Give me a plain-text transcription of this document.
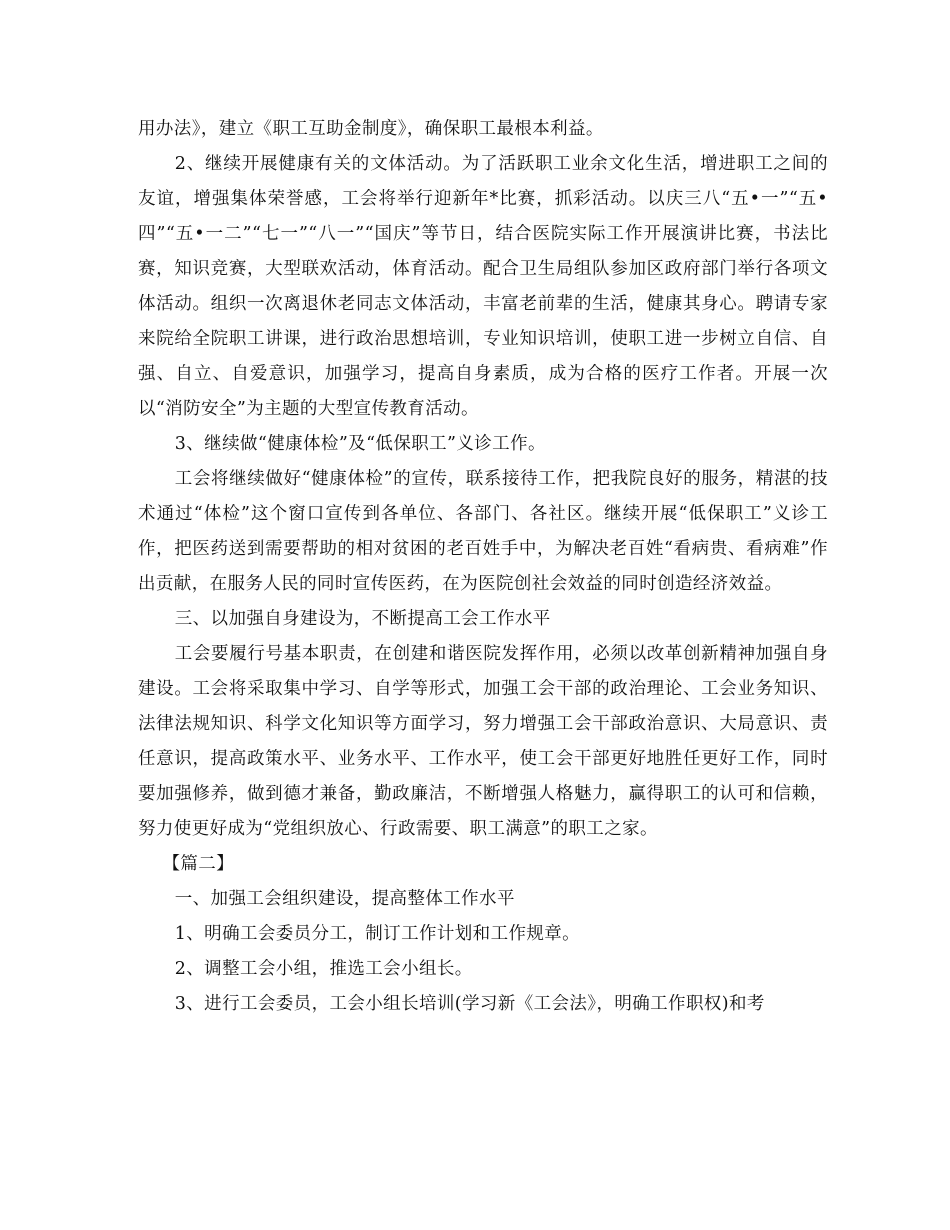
用办法》，建立《职工互助金制度》，确保职工最根本利益。

2、继续开展健康有关的文体活动。为了活跃职工业余文化生活，增进职工之间的友谊，增强集体荣誉感，工会将举行迎新年*比赛，抓彩活动。以庆三八“五•一”“五•四”“五•一二”“七一”“八一”“国庆”等节日，结合医院实际工作开展演讲比赛，书法比赛，知识竞赛，大型联欢活动，体育活动。配合卫生局组队参加区政府部门举行各项文体活动。组织一次离退休老同志文体活动，丰富老前辈的生活，健康其身心。聘请专家来院给全院职工讲课，进行政治思想培训，专业知识培训，使职工进一步树立自信、自强、自立、自爱意识，加强学习，提高自身素质，成为合格的医疗工作者。开展一次以“消防安全”为主题的大型宣传教育活动。

3、继续做“健康体检”及“低保职工”义诊工作。

工会将继续做好“健康体检”的宣传，联系接待工作，把我院良好的服务，精湛的技术通过“体检”这个窗口宣传到各单位、各部门、各社区。继续开展“低保职工”义诊工作，把医药送到需要帮助的相对贫困的老百姓手中，为解决老百姓“看病贵、看病难”作出贡献，在服务人民的同时宣传医药，在为医院创社会效益的同时创造经济效益。

三、以加强自身建设为，不断提高工会工作水平

工会要履行号基本职责，在创建和谐医院发挥作用，必须以改革创新精神加强自身建设。工会将采取集中学习、自学等形式，加强工会干部的政治理论、工会业务知识、法律法规知识、科学文化知识等方面学习，努力增强工会干部政治意识、大局意识、责任意识，提高政策水平、业务水平、工作水平，使工会干部更好地胜任更好工作，同时要加强修养，做到德才兼备，勤政廉洁，不断增强人格魅力，赢得职工的认可和信赖，努力使更好成为“党组织放心、行政需要、职工满意”的职工之家。

【篇二】

一、加强工会组织建设，提高整体工作水平

1、明确工会委员分工，制订工作计划和工作规章。

2、调整工会小组，推选工会小组长。

3、进行工会委员，工会小组长培训(学习新《工会法》，明确工作职权)和考
